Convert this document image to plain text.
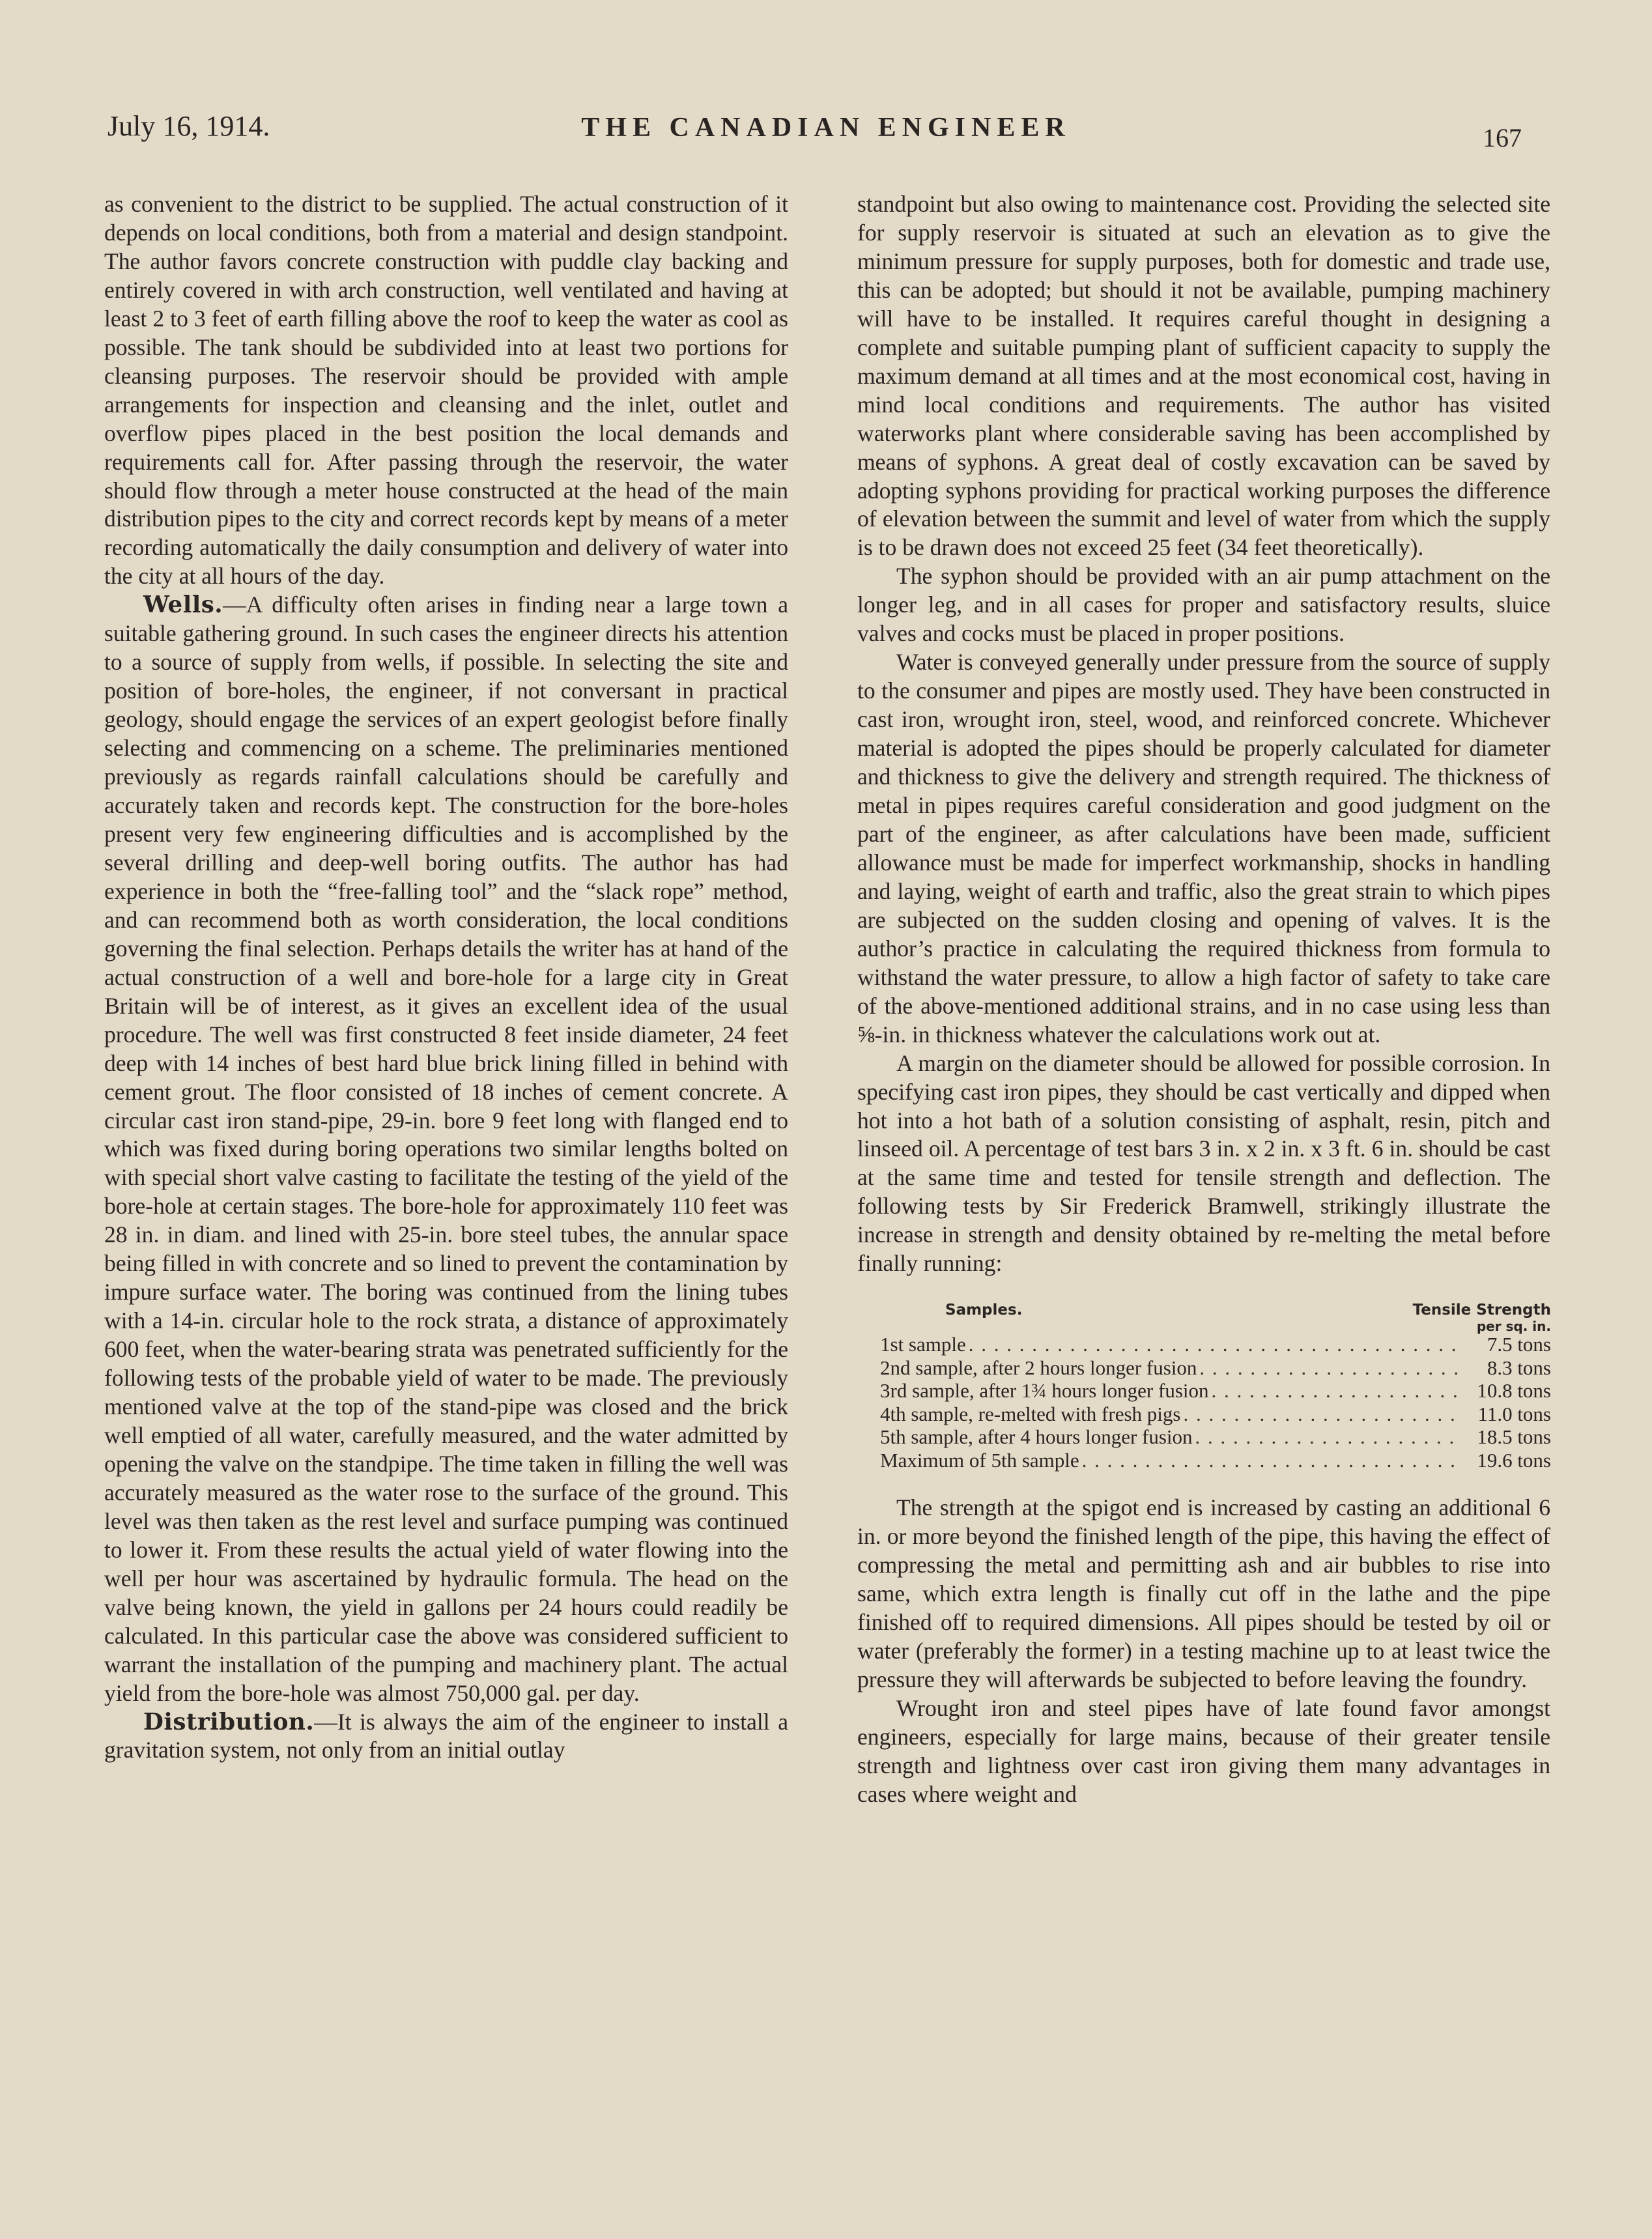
July 16, 1914.	THE CANADIAN ENGINEER	167

as convenient to the district to be supplied. The actual construction of it depends on local conditions, both from a material and design standpoint. The author favors concrete construction with puddle clay backing and entirely covered in with arch construction, well ventilated and having at least 2 to 3 feet of earth filling above the roof to keep the water as cool as possible. The tank should be subdivided into at least two portions for cleansing purposes. The reservoir should be provided with ample arrangements for inspection and cleansing and the inlet, outlet and overflow pipes placed in the best position the local demands and requirements call for. After passing through the reservoir, the water should flow through a meter house constructed at the head of the main distribution pipes to the city and correct records kept by means of a meter recording automatically the daily consumption and delivery of water into the city at all hours of the day.

Wells.—A difficulty often arises in finding near a large town a suitable gathering ground. In such cases the engineer directs his attention to a source of supply from wells, if possible. In selecting the site and position of bore-holes, the engineer, if not conversant in practical geology, should engage the services of an expert geologist before finally selecting and commencing on a scheme. The preliminaries mentioned previously as regards rainfall calculations should be carefully and accurately taken and records kept. The construction for the bore-holes present very few engineering difficulties and is accomplished by the several drilling and deep-well boring outfits. The author has had experience in both the “free-falling tool” and the “slack rope” method, and can recommend both as worth consideration, the local conditions governing the final selection. Perhaps details the writer has at hand of the actual construction of a well and bore-hole for a large city in Great Britain will be of interest, as it gives an excellent idea of the usual procedure. The well was first constructed 8 feet inside diameter, 24 feet deep with 14 inches of best hard blue brick lining filled in behind with cement grout. The floor consisted of 18 inches of cement concrete. A circular cast iron stand-pipe, 29-in. bore 9 feet long with flanged end to which was fixed during boring operations two similar lengths bolted on with special short valve casting to facilitate the testing of the yield of the bore-hole at certain stages. The bore-hole for approximately 110 feet was 28 in. in diam. and lined with 25-in. bore steel tubes, the annular space being filled in with concrete and so lined to prevent the contamination by impure surface water. The boring was continued from the lining tubes with a 14-in. circular hole to the rock strata, a distance of approximately 600 feet, when the water-bearing strata was penetrated sufficiently for the following tests of the probable yield of water to be made. The previously mentioned valve at the top of the stand-pipe was closed and the brick well emptied of all water, carefully measured, and the water admitted by opening the valve on the standpipe. The time taken in filling the well was accurately measured as the water rose to the surface of the ground. This level was then taken as the rest level and surface pumping was continued to lower it. From these results the actual yield of water flowing into the well per hour was ascertained by hydraulic formula. The head on the valve being known, the yield in gallons per 24 hours could readily be calculated. In this particular case the above was considered sufficient to warrant the installation of the pumping and machinery plant. The actual yield from the bore-hole was almost 750,000 gal. per day.

Distribution.—It is always the aim of the engineer to install a gravitation system, not only from an initial outlay

standpoint but also owing to maintenance cost. Providing the selected site for supply reservoir is situated at such an elevation as to give the minimum pressure for supply purposes, both for domestic and trade use, this can be adopted; but should it not be available, pumping machinery will have to be installed. It requires careful thought in designing a complete and suitable pumping plant of sufficient capacity to supply the maximum demand at all times and at the most economical cost, having in mind local conditions and requirements. The author has visited waterworks plant where considerable saving has been accomplished by means of syphons. A great deal of costly excavation can be saved by adopting syphons providing for practical working purposes the difference of elevation between the summit and level of water from which the supply is to be drawn does not exceed 25 feet (34 feet theoretically).

The syphon should be provided with an air pump attachment on the longer leg, and in all cases for proper and satisfactory results, sluice valves and cocks must be placed in proper positions.

Water is conveyed generally under pressure from the source of supply to the consumer and pipes are mostly used. They have been constructed in cast iron, wrought iron, steel, wood, and reinforced concrete. Whichever material is adopted the pipes should be properly calculated for diameter and thickness to give the delivery and strength required. The thickness of metal in pipes requires careful consideration and good judgment on the part of the engineer, as after calculations have been made, sufficient allowance must be made for imperfect workmanship, shocks in handling and laying, weight of earth and traffic, also the great strain to which pipes are subjected on the sudden closing and opening of valves. It is the author’s practice in calculating the required thickness from formula to withstand the water pressure, to allow a high factor of safety to take care of the above-mentioned additional strains, and in no case using less than ⅝-in. in thickness whatever the calculations work out at.

A margin on the diameter should be allowed for possible corrosion. In specifying cast iron pipes, they should be cast vertically and dipped when hot into a hot bath of a solution consisting of asphalt, resin, pitch and linseed oil. A percentage of test bars 3 in. x 2 in. x 3 ft. 6 in. should be cast at the same time and tested for tensile strength and deflection. The following tests by Sir Frederick Bramwell, strikingly illustrate the increase in strength and density obtained by re-melting the metal before finally running:

Samples.	Tensile Strength
per sq. in.
1st sample . . .	7.5 tons
2nd sample, after 2 hours longer fusion . . .	8.3 tons
3rd sample, after 1¾ hours longer fusion . . .	10.8 tons
4th sample, re-melted with fresh pigs . . .	11.0 tons
5th sample, after 4 hours longer fusion . . .	18.5 tons
Maximum of 5th sample . . .	19.6 tons

The strength at the spigot end is increased by casting an additional 6 in. or more beyond the finished length of the pipe, this having the effect of compressing the metal and permitting ash and air bubbles to rise into same, which extra length is finally cut off in the lathe and the pipe finished off to required dimensions. All pipes should be tested by oil or water (preferably the former) in a testing machine up to at least twice the pressure they will afterwards be subjected to before leaving the foundry.

Wrought iron and steel pipes have of late found favor amongst engineers, especially for large mains, because of their greater tensile strength and lightness over cast iron giving them many advantages in cases where weight and
